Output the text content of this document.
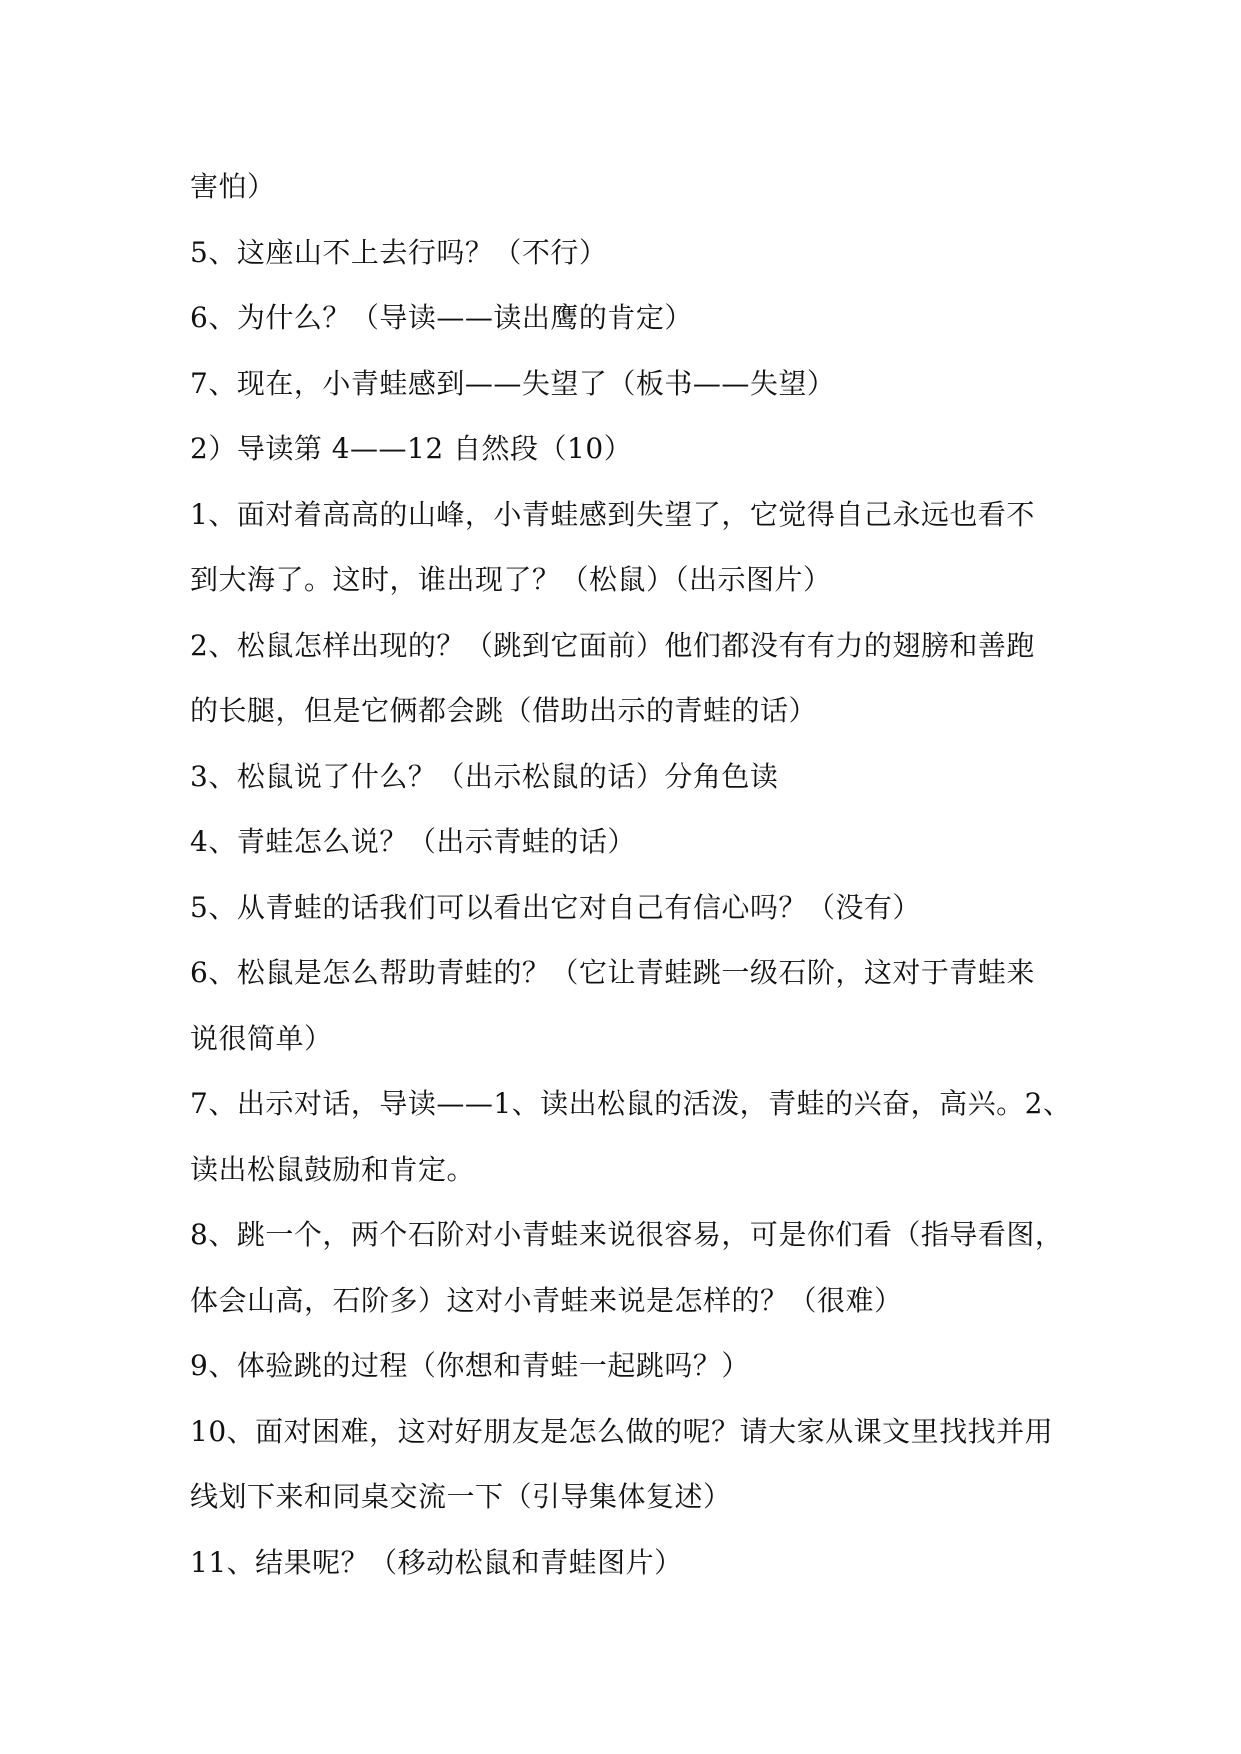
害怕）
5、这座山不上去行吗？（不行）
6、为什么？（导读——读出鹰的肯定）
7、现在，小青蛙感到——失望了（板书——失望）
2）导读第 4——12 自然段（10）
1、面对着高高的山峰，小青蛙感到失望了，它觉得自己永远也看不
到大海了。这时，谁出现了？（松鼠）（出示图片）
2、松鼠怎样出现的？（跳到它面前）他们都没有有力的翅膀和善跑
的长腿，但是它俩都会跳（借助出示的青蛙的话）
3、松鼠说了什么？（出示松鼠的话）分角色读
4、青蛙怎么说？（出示青蛙的话）
5、从青蛙的话我们可以看出它对自己有信心吗？（没有）
6、松鼠是怎么帮助青蛙的？（它让青蛙跳一级石阶，这对于青蛙来
说很简单）
7、出示对话，导读——1、读出松鼠的活泼，青蛙的兴奋，高兴。2、
读出松鼠鼓励和肯定。
8、跳一个，两个石阶对小青蛙来说很容易，可是你们看（指导看图，
体会山高，石阶多）这对小青蛙来说是怎样的？（很难）
9、体验跳的过程（你想和青蛙一起跳吗？）
10、面对困难，这对好朋友是怎么做的呢？请大家从课文里找找并用
线划下来和同桌交流一下（引导集体复述）
11、结果呢？（移动松鼠和青蛙图片）
